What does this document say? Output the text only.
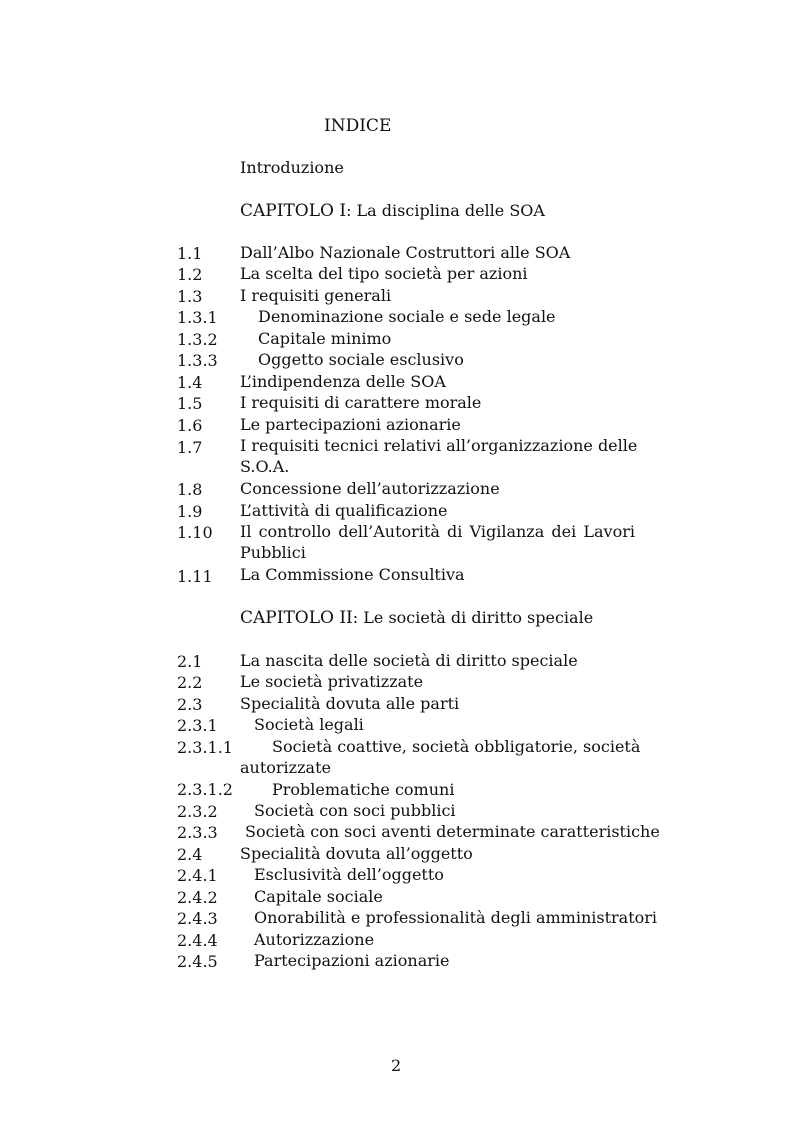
INDICE
Introduzione
CAPITOLO I: La disciplina delle SOA
1.1 Dall’Albo Nazionale Costruttori alle SOA
1.2 La scelta del tipo società per azioni
1.3 I requisiti generali
1.3.1	Denominazione sociale e sede legale
1.3.2	Capitale minimo
1.3.3	Oggetto sociale esclusivo
1.4 L’indipendenza delle SOA
1.5 I requisiti di carattere morale
1.6 Le partecipazioni azionarie
1.7 I requisiti tecnici relativi all’organizzazione delle
S.O.A.
1.8 Concessione dell’autorizzazione
1.9 L’attività di qualificazione
1.10 Il controllo dell’Autorità di Vigilanza dei Lavori
Pubblici
1.11 La Commissione Consultiva
CAPITOLO II: Le società di diritto speciale
2.1 La nascita delle società di diritto speciale
2.2 Le società privatizzate
2.3 Specialità dovuta alle parti
2.3.1 Società legali
2.3.1.1 Società coattive, società obbligatorie, società
autorizzate
2.3.1.2 Problematiche comuni
2.3.2 Società con soci pubblici
2.3.3 Società con soci aventi determinate caratteristiche
2.4 Specialità dovuta all’oggetto
2.4.1 Esclusività dell’oggetto
2.4.2 Capitale sociale
2.4.3 Onorabilità e professionalità degli amministratori
2.4.4 Autorizzazione
2.4.5 Partecipazioni azionarie
2
